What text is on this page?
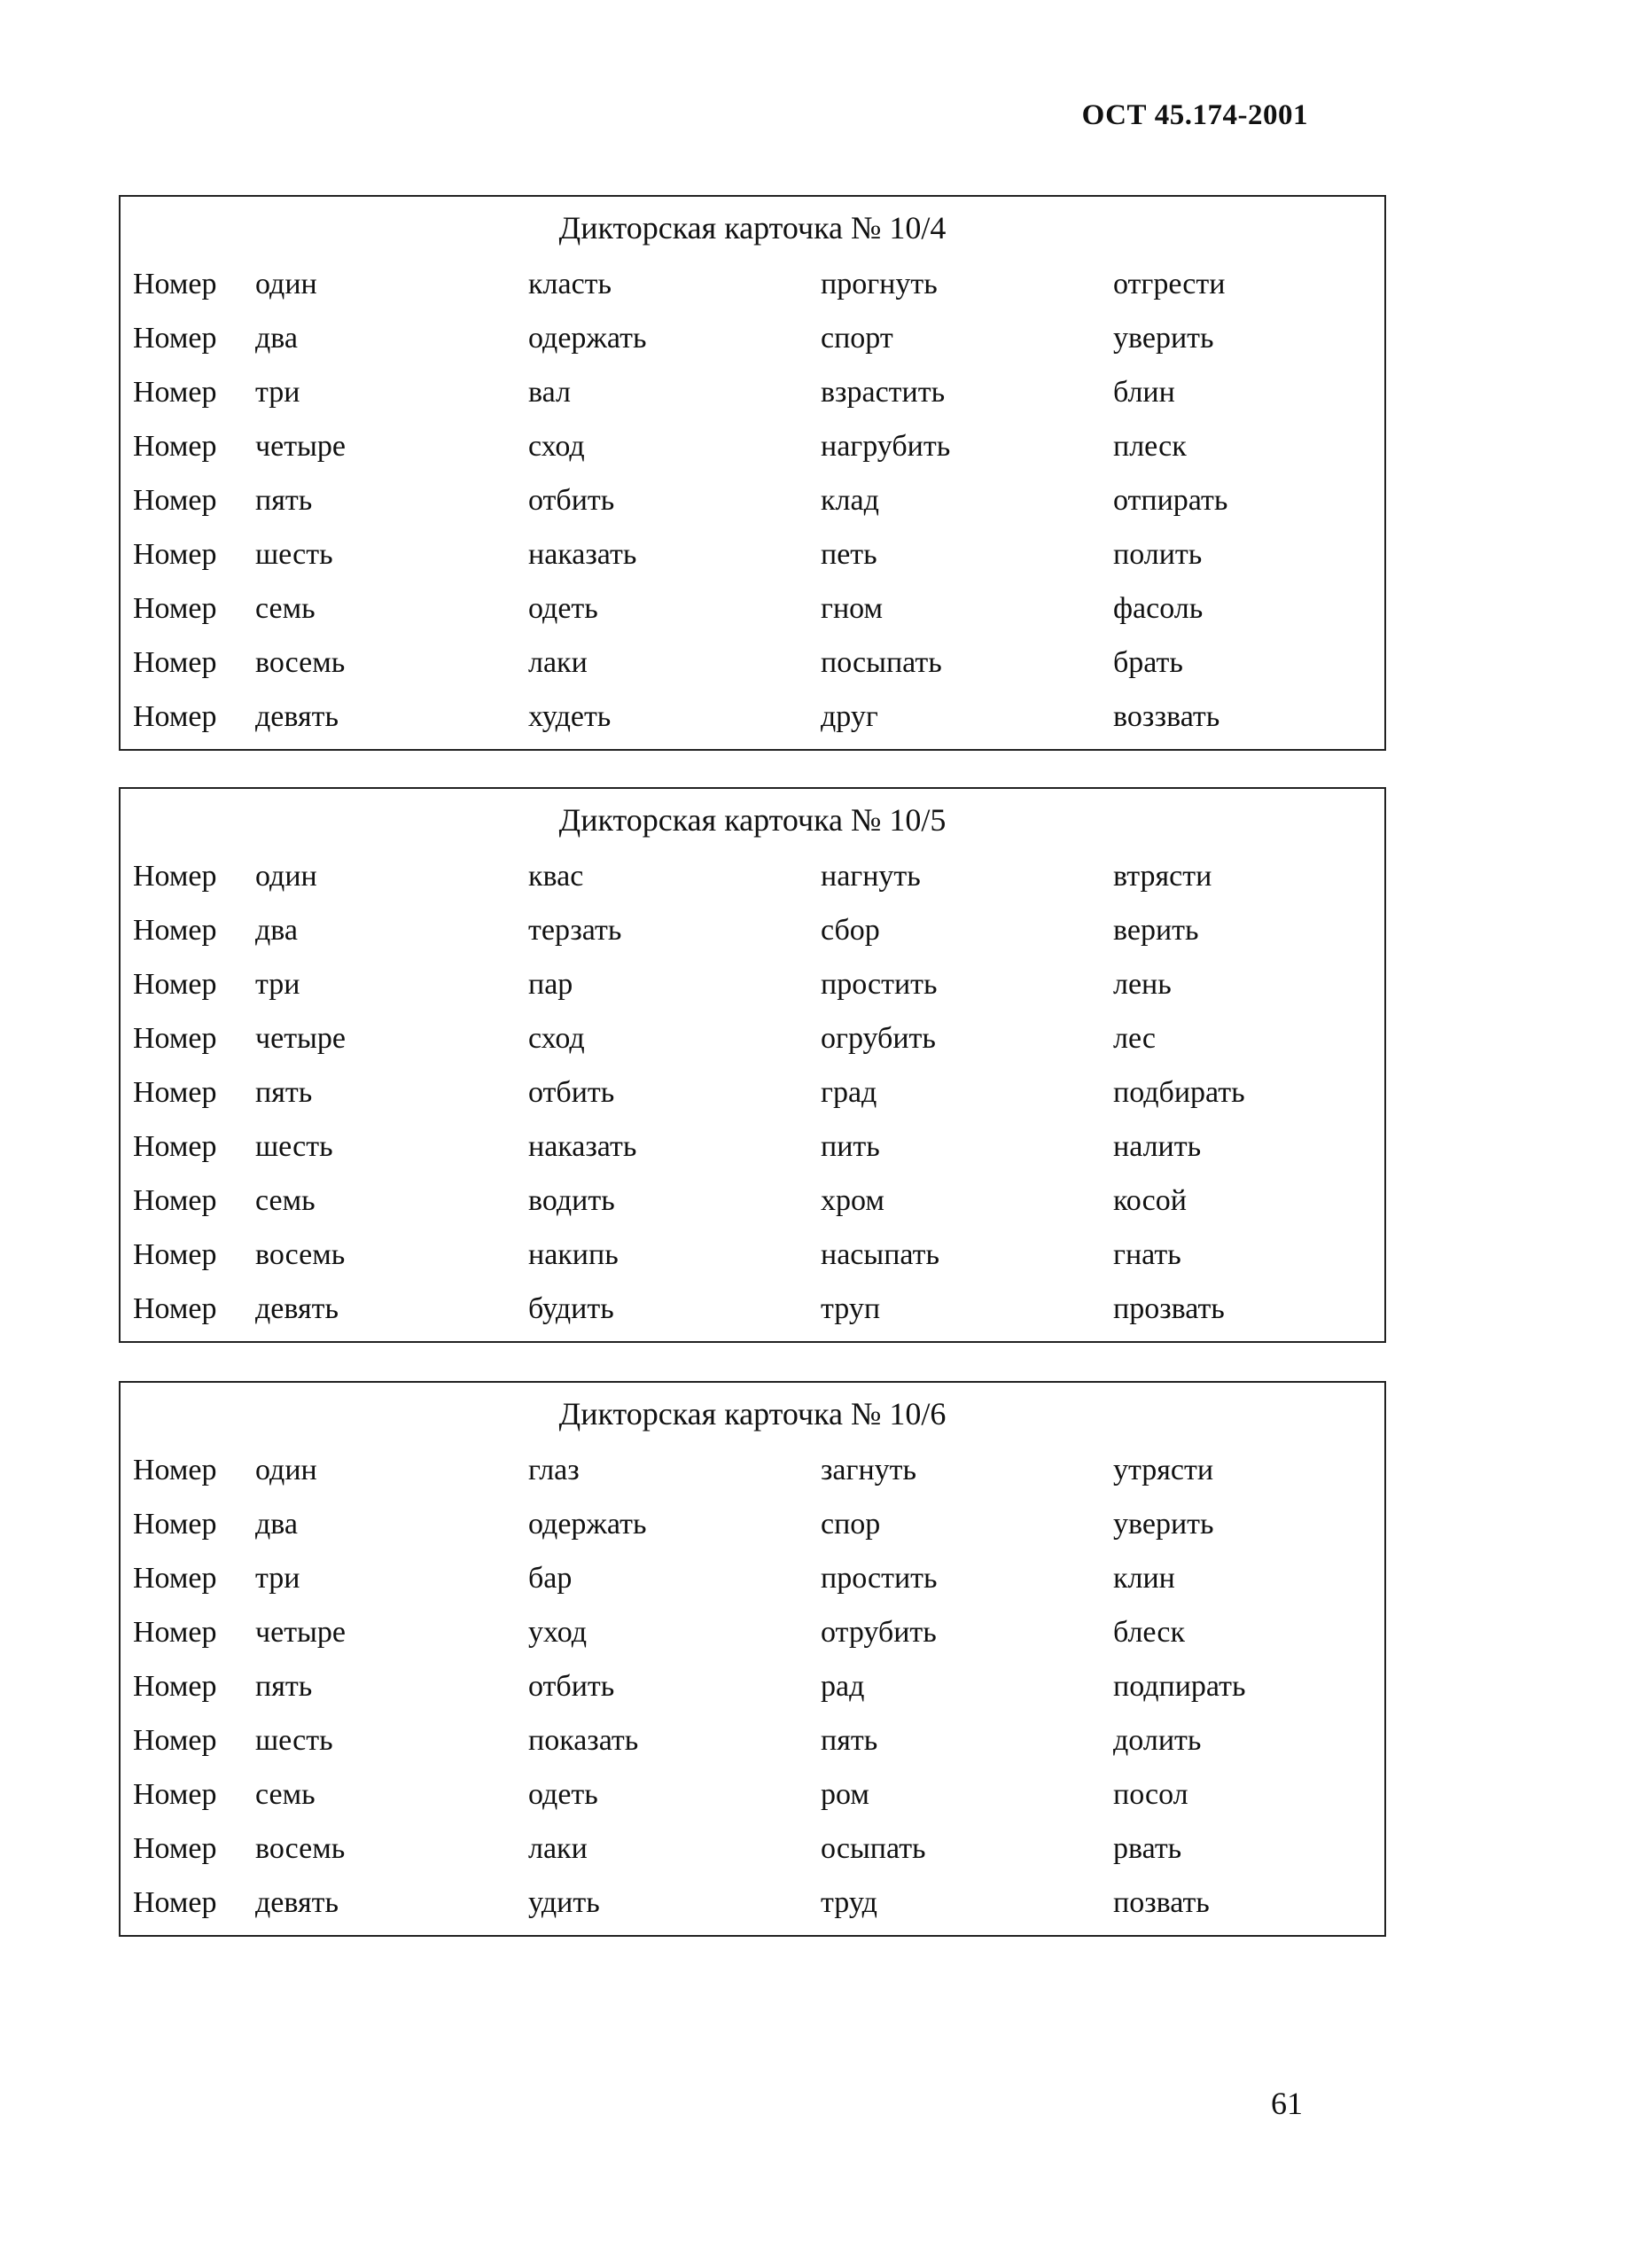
ОСТ 45.174-2001
Дикторская карточка № 10/4
Номер один	класть	прогнуть	отгрести
Номер два	одержать	спорт	уверить
Номер три	вал	взрастить	блин
Номер четыре	сход	нагрубить	плеск
Номер пять	отбить	клад	отпирать
Номер шесть	наказать	петь	полить
Номер семь	одеть	гном	фасоль
Номер восемь	лаки	посыпать	брать
Номер девять	худеть	друг	воззвать
Дикторская карточка № 10/5
Номер один	квас	нагнуть	втрясти
Номер два	терзать	сбор	верить
Номер три	пар	простить	лень
Номер четыре	сход	огрубить	лес
Номер пять	отбить	град	подбирать
Номер шесть	наказать	пить	налить
Номер семь	водить	хром	косой
Номер восемь	накипь	насыпать	гнать
Номер девять	будить	труп	прозвать
Дикторская карточка № 10/6
Номер один	глаз	загнуть	утрясти
Номер два	одержать	спор	уверить
Номер три	бар	простить	клин
Номер четыре	уход	отрубить	блеск
Номер пять	отбить	рад	подпирать
Номер шесть	показать	пять	долить
Номер семь	одеть	ром	посол
Номер восемь	лаки	осыпать	рвать
Номер девять	удить	труд	позвать
61
